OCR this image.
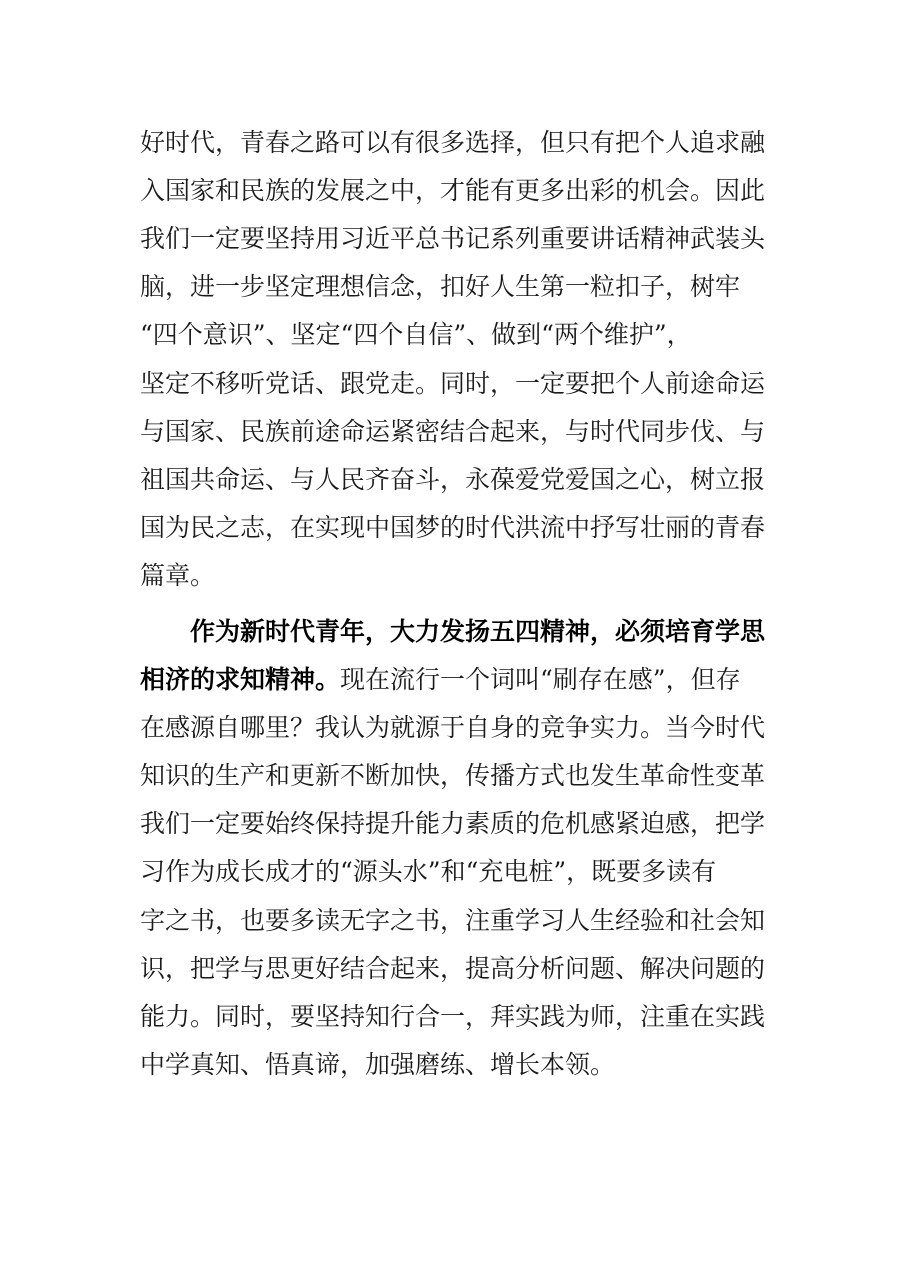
好时代，青春之路可以有很多选择，但只有把个人追求融
入国家和民族的发展之中，才能有更多出彩的机会。因此
我们一定要坚持用习近平总书记系列重要讲话精神武装头
脑，进一步坚定理想信念，扣好人生第一粒扣子，树牢
“四个意识”、坚定“四个自信”、做到“两个维护”，
坚定不移听党话、跟党走。同时，一定要把个人前途命运
与国家、民族前途命运紧密结合起来，与时代同步伐、与
祖国共命运、与人民齐奋斗，永葆爱党爱国之心，树立报
国为民之志，在实现中国梦的时代洪流中抒写壮丽的青春
篇章。
作为新时代青年，大力发扬五四精神，必须培育学思
相济的求知精神。现在流行一个词叫“刷存在感”，但存
在感源自哪里？我认为就源于自身的竞争实力。当今时代
知识的生产和更新不断加快，传播方式也发生革命性变革
我们一定要始终保持提升能力素质的危机感紧迫感，把学
习作为成长成才的“源头水”和“充电桩”，既要多读有
字之书，也要多读无字之书，注重学习人生经验和社会知
识，把学与思更好结合起来，提高分析问题、解决问题的
能力。同时，要坚持知行合一，拜实践为师，注重在实践
中学真知、悟真谛，加强磨练、增长本领。
